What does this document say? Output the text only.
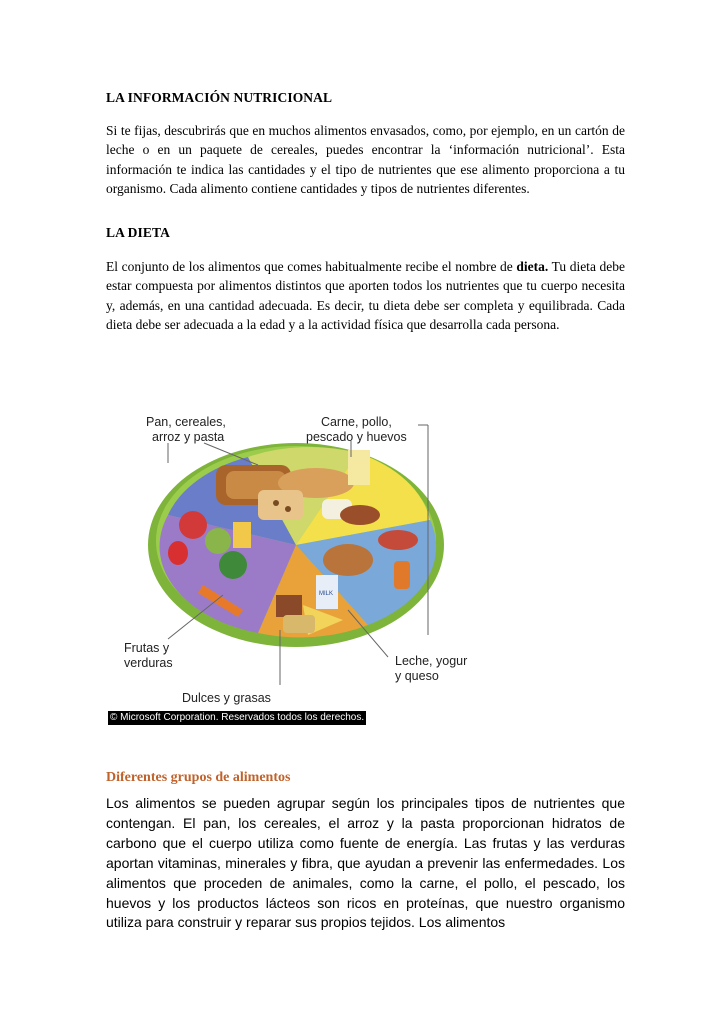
LA INFORMACIÓN NUTRICIONAL

Si te fijas, descubrirás que en muchos alimentos envasados, como, por ejemplo, en un cartón de leche o en un paquete de cereales, puedes encontrar la ‘información nutricional’. Esta información te indica las cantidades y el tipo de nutrientes que ese alimento proporciona a tu organismo. Cada alimento contiene cantidades y tipos de nutrientes diferentes.

LA DIETA

El conjunto de los alimentos que comes habitualmente recibe el nombre de dieta. Tu dieta debe estar compuesta por alimentos distintos que aporten todos los nutrientes que tu cuerpo necesita y, además, en una cantidad adecuada. Es decir, tu dieta debe ser completa y equilibrada. Cada dieta debe ser adecuada a la edad y a la actividad física que desarrolla cada persona.

MILK
Pan, cereales,
arroz y pasta
Carne, pollo,
pescado y huevos
Frutas y
verduras	Leche, yogur
y queso
Dulces y grasas
© Microsoft Corporation. Reservados todos los derechos.
Diferentes grupos de alimentos

Los alimentos se pueden agrupar según los principales tipos de nutrientes que contengan. El pan, los cereales, el arroz y la pasta proporcionan hidratos de carbono que el cuerpo utiliza como fuente de energía. Las frutas y las verduras aportan vitaminas, minerales y fibra, que ayudan a prevenir las enfermedades. Los alimentos que proceden de animales, como la carne, el pollo, el pescado, los huevos y los productos lácteos son ricos en proteínas, que nuestro organismo utiliza para construir y reparar sus propios tejidos. Los alimentos
